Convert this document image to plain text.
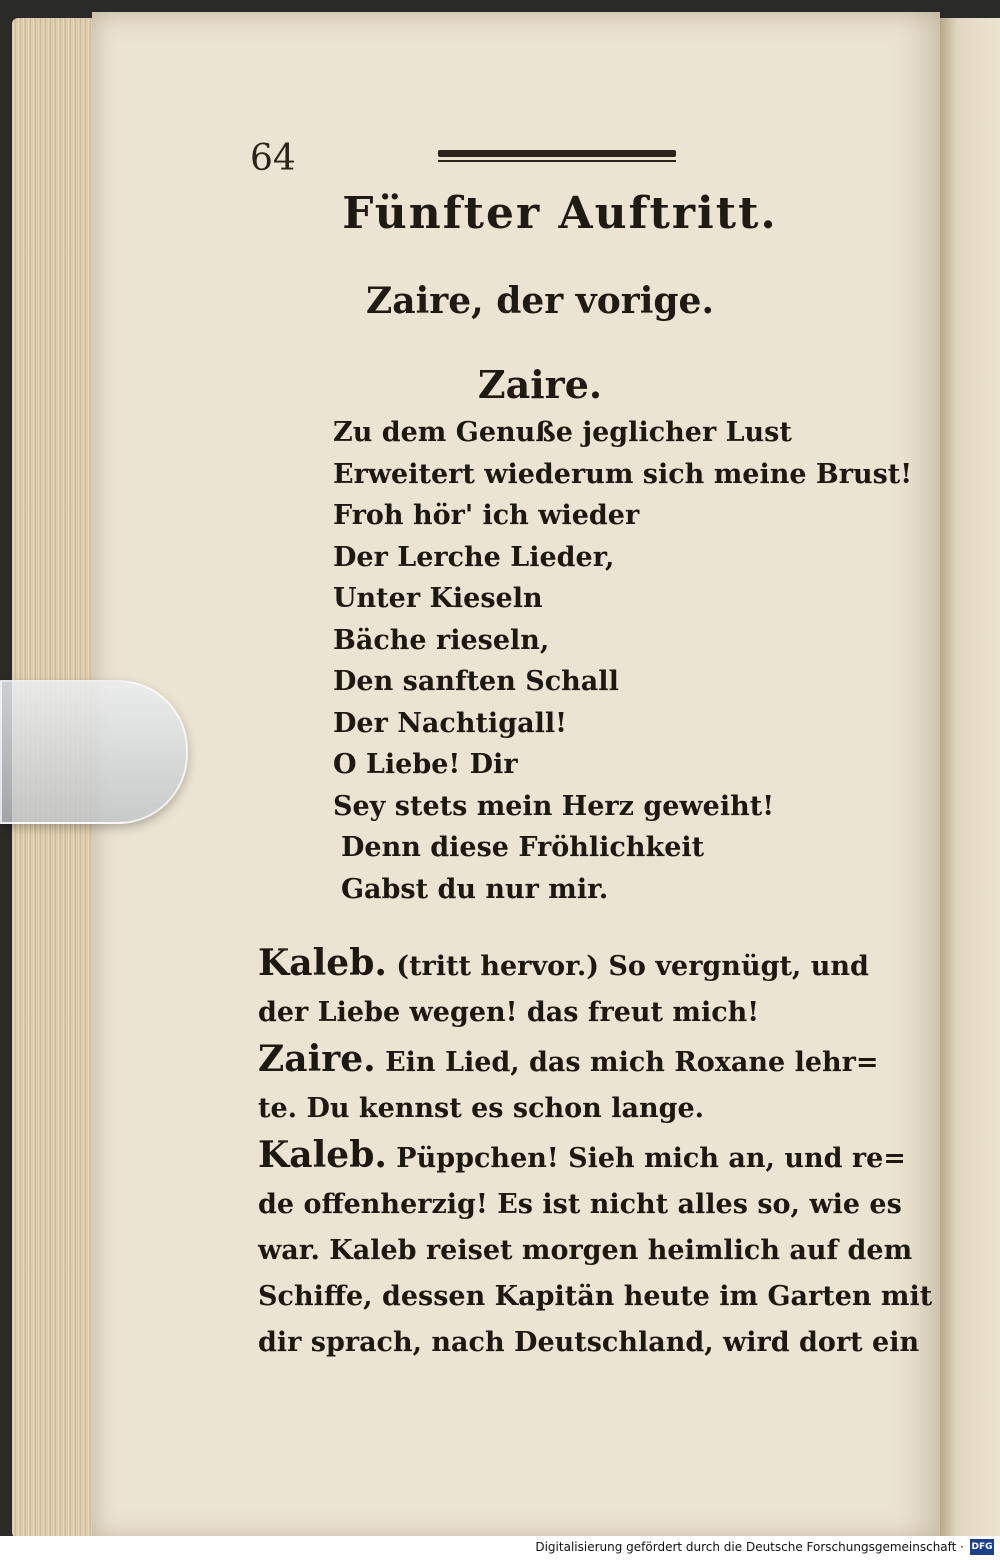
64
Fünfter Auftritt.
Zaire, der vorige.
Zaire.
Zu dem Genuße jeglicher Lust
Erweitert wiederum sich meine Brust!
Froh hör' ich wieder
Der Lerche Lieder,
Unter Kieseln
Bäche rieseln,
Den sanften Schall
Der Nachtigall!
O Liebe! Dir
Sey stets mein Herz geweiht!
Denn diese Fröhlichkeit
Gabst du nur mir.
Kaleb. (tritt hervor.) So vergnügt, und
der Liebe wegen! das freut mich!
Zaire. Ein Lied, das mich Roxane lehr=
te. Du kennst es schon lange.
Kaleb. Püppchen! Sieh mich an, und re=
de offenherzig! Es ist nicht alles so, wie es
war. Kaleb reiset morgen heimlich auf dem
Schiffe, dessen Kapitän heute im Garten mit
dir sprach, nach Deutschland, wird dort ein
Digitalisierung gefördert durch die Deutsche Forschungsgemeinschaft · DFG
